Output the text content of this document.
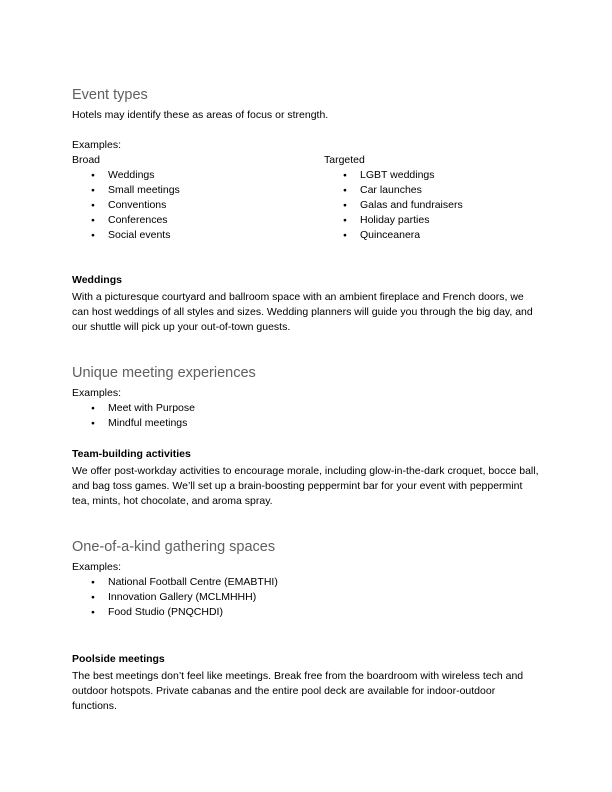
Event types

Hotels may identify these as areas of focus or strength.

Examples:

Broad

● Weddings
● Small meetings
● Conventions
● Conferences
● Social events

Targeted

● LGBT weddings
● Car launches
● Galas and fundraisers
● Holiday parties
● Quinceanera

Weddings

With a picturesque courtyard and ballroom space with an ambient fireplace and French doors, we can host weddings of all styles and sizes. Wedding planners will guide you through the big day, and our shuttle will pick up your out-of-town guests.

Unique meeting experiences

Examples:

● Meet with Purpose
● Mindful meetings

Team-building activities

We offer post-workday activities to encourage morale, including glow-in-the-dark croquet, bocce ball, and bag toss games. We’ll set up a brain-boosting peppermint bar for your event with peppermint tea, mints, hot chocolate, and aroma spray.

One-of-a-kind gathering spaces

Examples:

● National Football Centre (EMABTHI)
● Innovation Gallery (MCLMHHH)
● Food Studio (PNQCHDI)

Poolside meetings

The best meetings don’t feel like meetings. Break free from the boardroom with wireless tech and outdoor hotspots. Private cabanas and the entire pool deck are available for indoor-outdoor functions.
